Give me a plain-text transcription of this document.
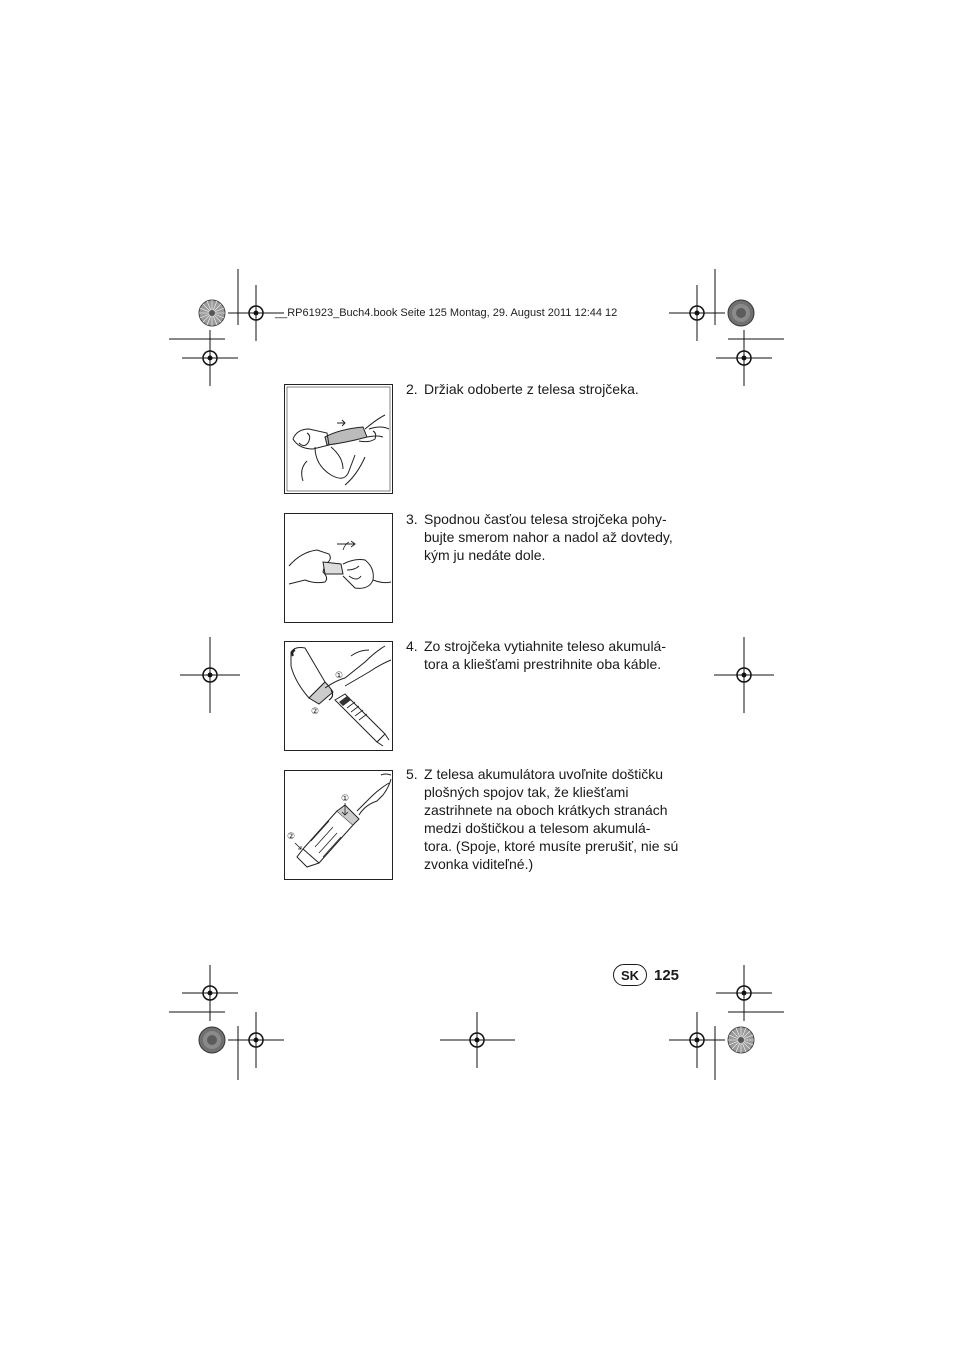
__RP61923_Buch4.book Seite 125 Montag, 29. August 2011 12:44 12
①
②
①
②
2. Držiak odoberte z telesa strojčeka.
3. Spodnou časťou telesa strojčeka pohy-
bujte smerom nahor a nadol až dovtedy,
kým ju nedáte dole.
4. Zo strojčeka vytiahnite teleso akumulá-
tora a kliešťami prestrihnite oba káble.
5. Z telesa akumulátora uvoľnite doštičku
plošných spojov tak, že kliešťami
zastrihnete na oboch krátkych stranách
medzi doštičkou a telesom akumulá-
tora. (Spoje, ktoré musíte prerušiť, nie sú
zvonka viditeľné.)
SK 125
